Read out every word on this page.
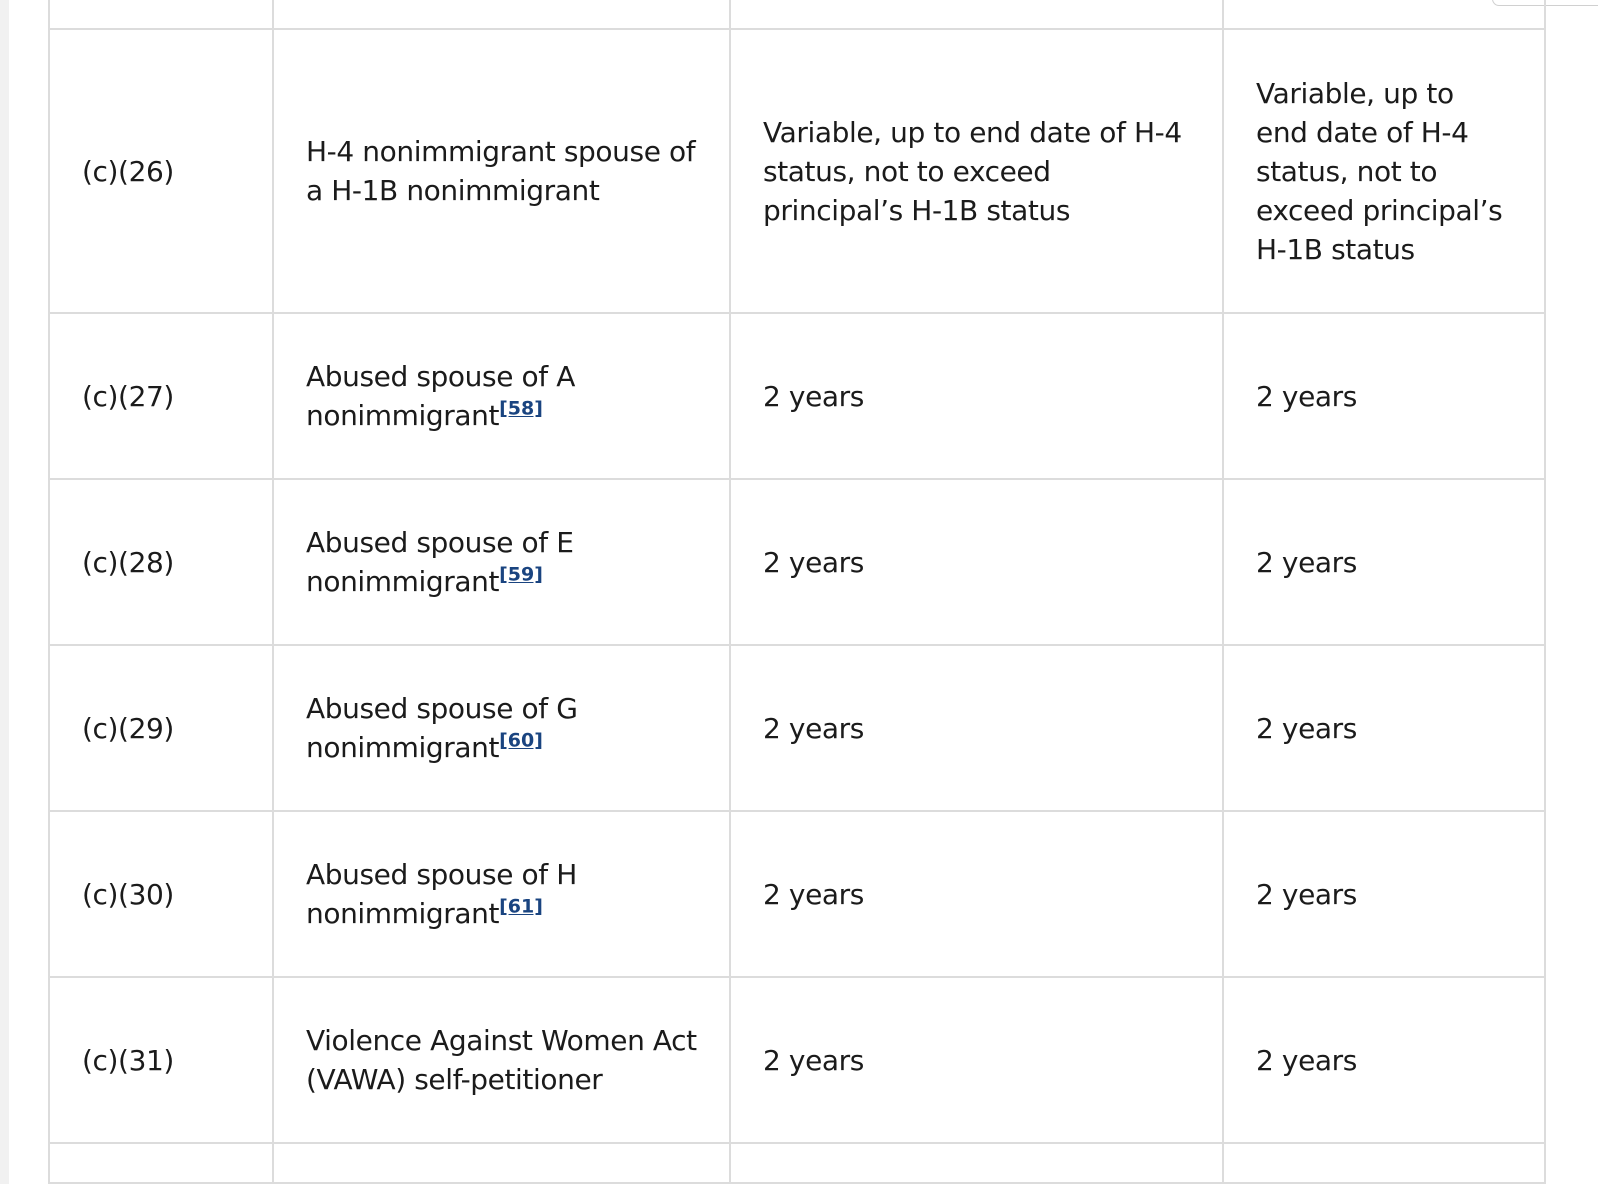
(c)(26)	H-4 nonimmigrant spouse of a H-1B nonimmigrant	Variable, up to end date of H-4 status, not to exceed principal’s H-1B status	Variable, up to end date of H-4 status, not to exceed principal’s H-1B status
(c)(27)	Abused spouse of A nonimmigrant[58]	2 years	2 years
(c)(28)	Abused spouse of E nonimmigrant[59]	2 years	2 years
(c)(29)	Abused spouse of G nonimmigrant[60]	2 years	2 years
(c)(30)	Abused spouse of H nonimmigrant[61]	2 years	2 years
(c)(31)	Violence Against Women Act (VAWA) self-petitioner	2 years	2 years
